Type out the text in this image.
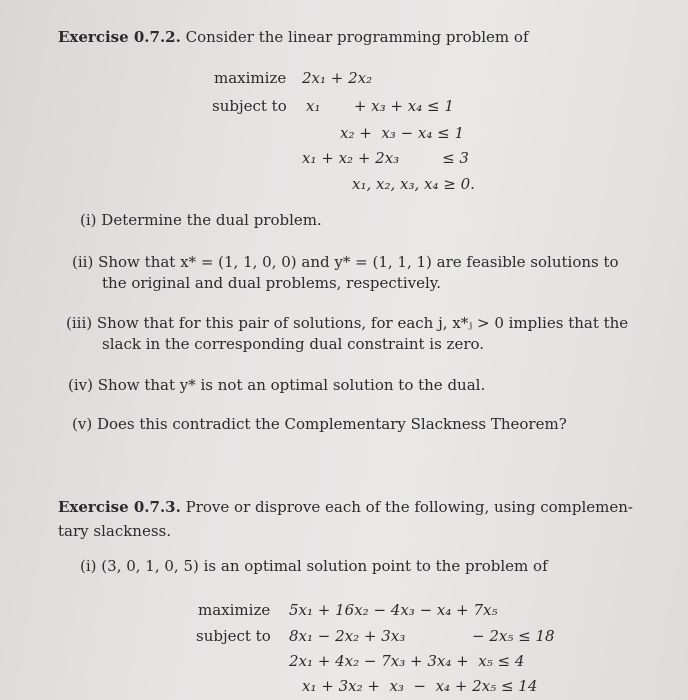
Exercise 0.7.2. Consider the linear programming problem of
maximize 2x₁ + 2x₂
subject to x₁       + x₃ + x₄ ≤ 1
x₂ +  x₃ − x₄ ≤ 1
x₁ + x₂ + 2x₃         ≤ 3
x₁, x₂, x₃, x₄ ≥ 0.
(i) Determine the dual problem.
(ii) Show that x* = (1, 1, 0, 0) and y* = (1, 1, 1) are feasible solutions to
the original and dual problems, respectively.
(iii) Show that for this pair of solutions, for each j, x*ⱼ > 0 implies that the
slack in the corresponding dual constraint is zero.
(iv) Show that y* is not an optimal solution to the dual.
(v) Does this contradict the Complementary Slackness Theorem?
Exercise 0.7.3. Prove or disprove each of the following, using complemen-
tary slackness.
(i) (3, 0, 1, 0, 5) is an optimal solution point to the problem of
maximize 5x₁ + 16x₂ − 4x₃ − x₄ + 7x₅
subject to 8x₁ − 2x₂ + 3x₃              − 2x₅ ≤ 18
2x₁ + 4x₂ − 7x₃ + 3x₄ +  x₅ ≤ 4
x₁ + 3x₂ +  x₃  −  x₄ + 2x₅ ≤ 14
